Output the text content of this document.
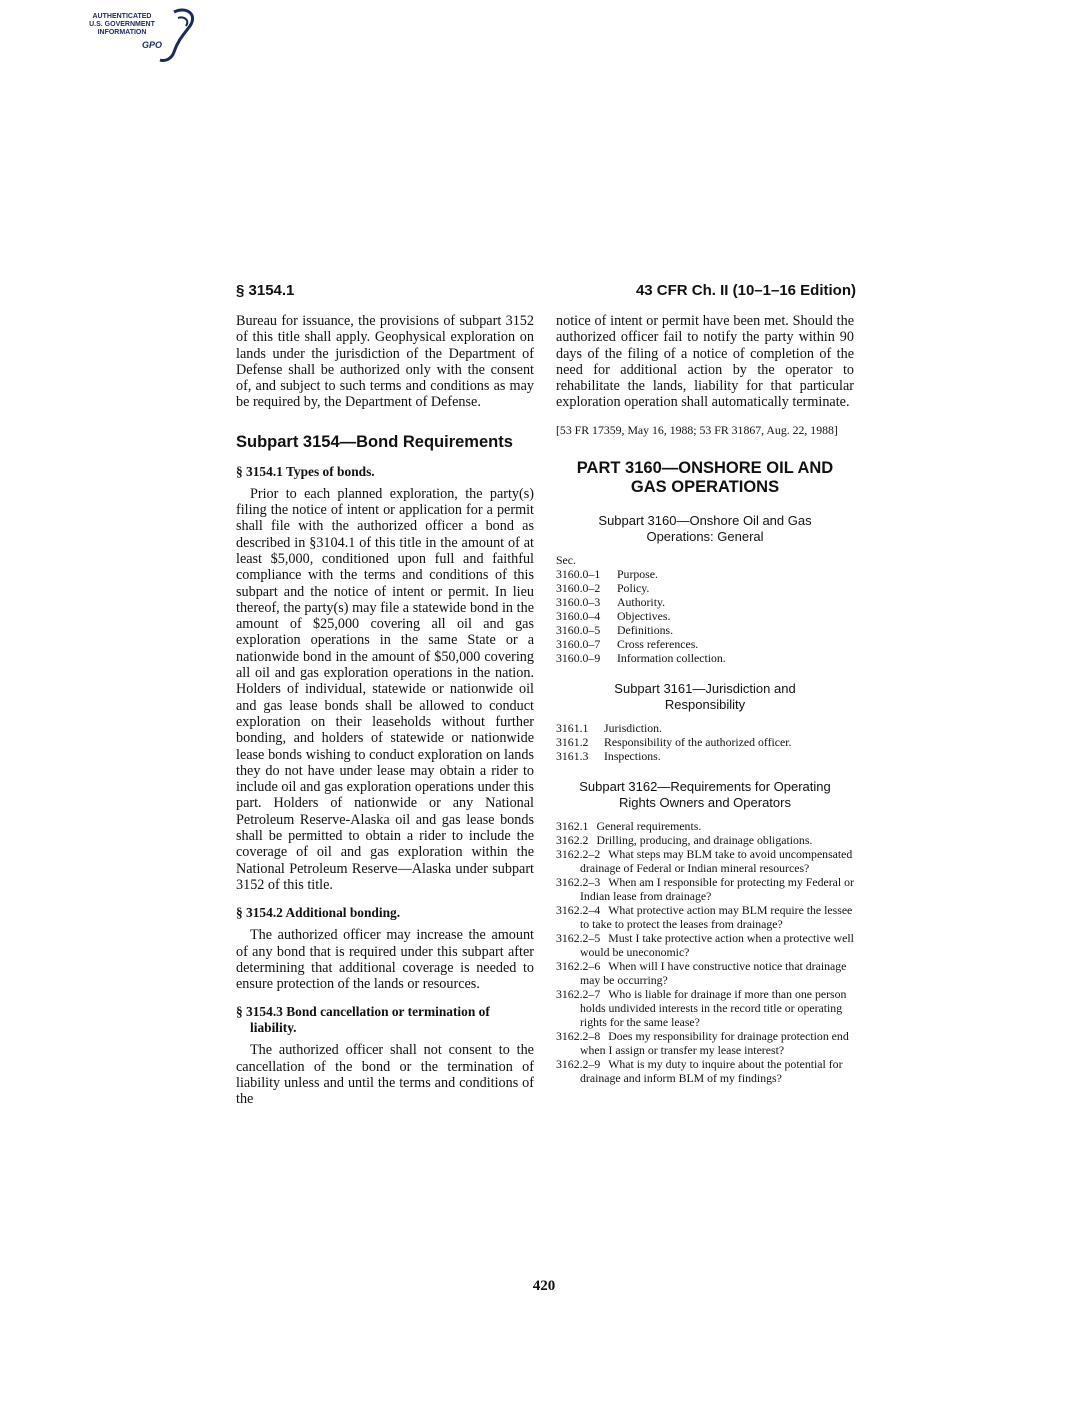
AUTHENTICATED
U.S. GOVERNMENT
INFORMATION
GPO
§ 3154.1	43 CFR Ch. II (10–1–16 Edition)

Bureau for issuance, the provisions of subpart 3152 of this title shall apply. Geophysical exploration on lands under the jurisdiction of the Department of Defense shall be authorized only with the consent of, and subject to such terms and conditions as may be required by, the Department of Defense.

Subpart 3154—Bond Requirements
§ 3154.1 Types of bonds.

Prior to each planned exploration, the party(s) filing the notice of intent or application for a permit shall file with the authorized officer a bond as described in §3104.1 of this title in the amount of at least $5,000, conditioned upon full and faithful compliance with the terms and conditions of this subpart and the notice of intent or permit. In lieu thereof, the party(s) may file a statewide bond in the amount of $25,000 covering all oil and gas exploration operations in the same State or a nationwide bond in the amount of $50,000 covering all oil and gas exploration operations in the nation. Holders of individual, statewide or nationwide oil and gas lease bonds shall be allowed to conduct exploration on their leaseholds without further bonding, and holders of statewide or nationwide lease bonds wishing to conduct exploration on lands they do not have under lease may obtain a rider to include oil and gas exploration operations under this part. Holders of nationwide or any National Petroleum Reserve-Alaska oil and gas lease bonds shall be permitted to obtain a rider to include the coverage of oil and gas exploration within the National Petroleum Reserve—Alaska under subpart 3152 of this title.

§ 3154.2 Additional bonding.

The authorized officer may increase the amount of any bond that is required under this subpart after determining that additional coverage is needed to ensure protection of the lands or resources.

§ 3154.3 Bond cancellation or termination of liability.

The authorized officer shall not consent to the cancellation of the bond or the termination of liability unless and until the terms and conditions of the

notice of intent or permit have been met. Should the authorized officer fail to notify the party within 90 days of the filing of a notice of completion of the need for additional action by the operator to rehabilitate the lands, liability for that particular exploration operation shall automatically terminate.

[53 FR 17359, May 16, 1988; 53 FR 31867, Aug. 22, 1988]

PART 3160—ONSHORE OIL AND
GAS OPERATIONS
Subpart 3160—Onshore Oil and Gas
Operations: General
Sec.
3160.0–1	Purpose.
3160.0–2	Policy.
3160.0–3	Authority.
3160.0–4	Objectives.
3160.0–5	Definitions.
3160.0–7	Cross references.
3160.0–9	Information collection.
Subpart 3161—Jurisdiction and
Responsibility
3161.1	Jurisdiction.
3161.2	Responsibility of the authorized officer.
3161.3	Inspections.
Subpart 3162—Requirements for Operating
Rights Owners and Operators
3162.1 General requirements.
3162.2 Drilling, producing, and drainage obligations.
3162.2–2 What steps may BLM take to avoid uncompensated drainage of Federal or Indian mineral resources?
3162.2–3 When am I responsible for protecting my Federal or Indian lease from drainage?
3162.2–4 What protective action may BLM require the lessee to take to protect the leases from drainage?
3162.2–5 Must I take protective action when a protective well would be uneconomic?
3162.2–6 When will I have constructive notice that drainage may be occurring?
3162.2–7 Who is liable for drainage if more than one person holds undivided interests in the record title or operating rights for the same lease?
3162.2–8 Does my responsibility for drainage protection end when I assign or transfer my lease interest?
3162.2–9 What is my duty to inquire about the potential for drainage and inform BLM of my findings?
420
